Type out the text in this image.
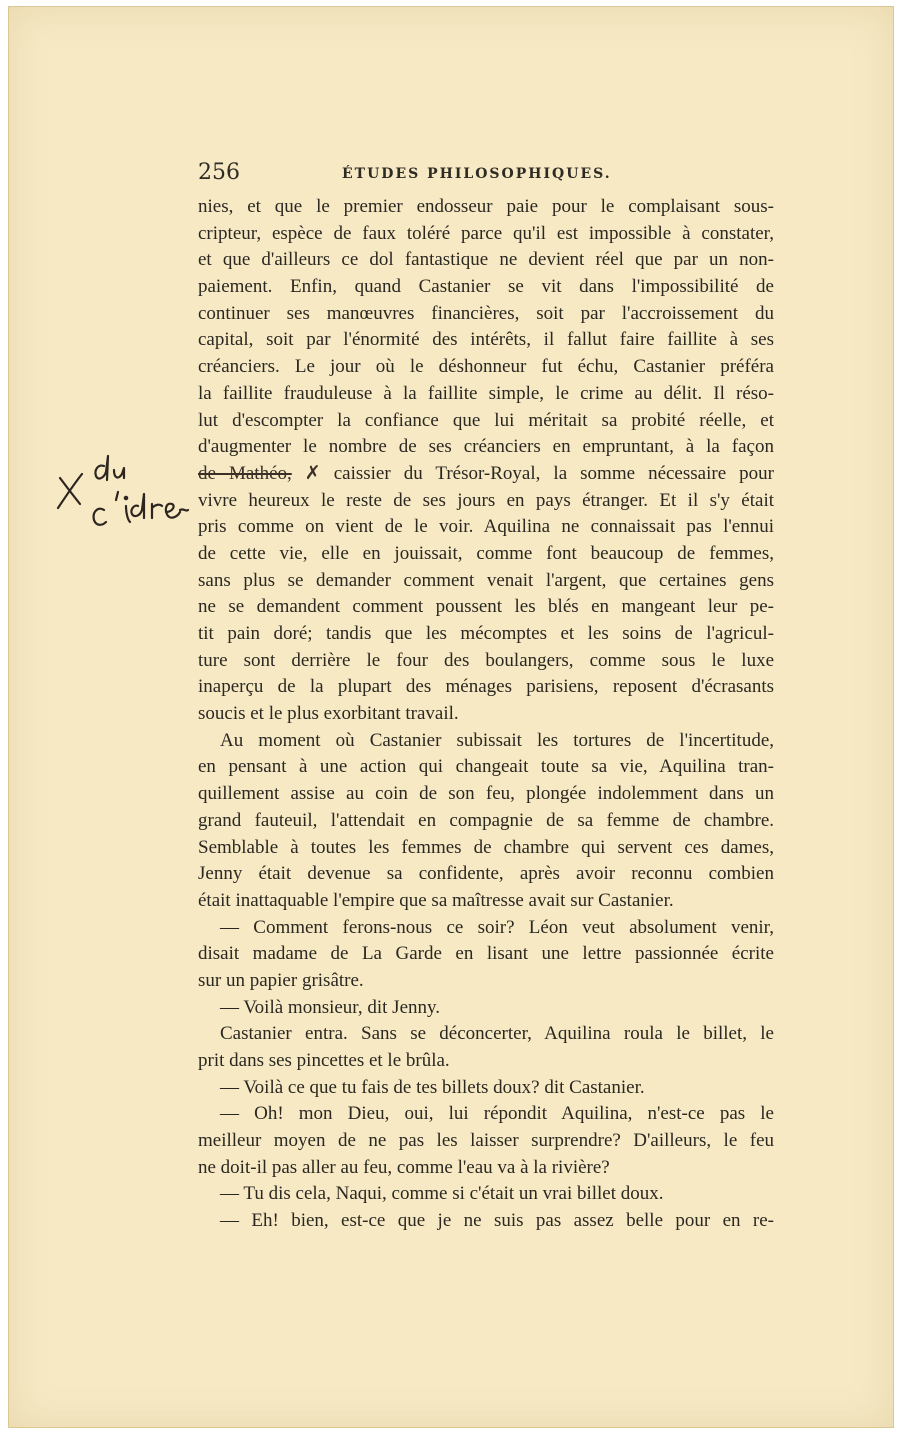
256	ÉTUDES PHILOSOPHIQUES.
nies, et que le premier endosseur paie pour le complaisant sous-
cripteur, espèce de faux toléré parce qu'il est impossible à constater,
et que d'ailleurs ce dol fantastique ne devient réel que par un non-
paiement. Enfin, quand Castanier se vit dans l'impossibilité de
continuer ses manœuvres financières, soit par l'accroissement du
capital, soit par l'énormité des intérêts, il fallut faire faillite à ses
créanciers. Le jour où le déshonneur fut échu, Castanier préféra
la faillite frauduleuse à la faillite simple, le crime au délit. Il réso-
lut d'escompter la confiance que lui méritait sa probité réelle, et
d'augmenter le nombre de ses créanciers en empruntant, à la façon
de Mathéo, ✗ caissier du Trésor-Royal, la somme nécessaire pour
vivre heureux le reste de ses jours en pays étranger. Et il s'y était
pris comme on vient de le voir. Aquilina ne connaissait pas l'ennui
de cette vie, elle en jouissait, comme font beaucoup de femmes,
sans plus se demander comment venait l'argent, que certaines gens
ne se demandent comment poussent les blés en mangeant leur pe-
tit pain doré; tandis que les mécomptes et les soins de l'agricul-
ture sont derrière le four des boulangers, comme sous le luxe
inaperçu de la plupart des ménages parisiens, reposent d'écrasants
soucis et le plus exorbitant travail.
Au moment où Castanier subissait les tortures de l'incertitude,
en pensant à une action qui changeait toute sa vie, Aquilina tran-
quillement assise au coin de son feu, plongée indolemment dans un
grand fauteuil, l'attendait en compagnie de sa femme de chambre.
Semblable à toutes les femmes de chambre qui servent ces dames,
Jenny était devenue sa confidente, après avoir reconnu combien
était inattaquable l'empire que sa maîtresse avait sur Castanier.
— Comment ferons-nous ce soir? Léon veut absolument venir,
disait madame de La Garde en lisant une lettre passionnée écrite
sur un papier grisâtre.
— Voilà monsieur, dit Jenny.
Castanier entra. Sans se déconcerter, Aquilina roula le billet, le
prit dans ses pincettes et le brûla.
— Voilà ce que tu fais de tes billets doux? dit Castanier.
— Oh! mon Dieu, oui, lui répondit Aquilina, n'est-ce pas le
meilleur moyen de ne pas les laisser surprendre? D'ailleurs, le feu
ne doit-il pas aller au feu, comme l'eau va à la rivière?
— Tu dis cela, Naqui, comme si c'était un vrai billet doux.
— Eh! bien, est-ce que je ne suis pas assez belle pour en re-
